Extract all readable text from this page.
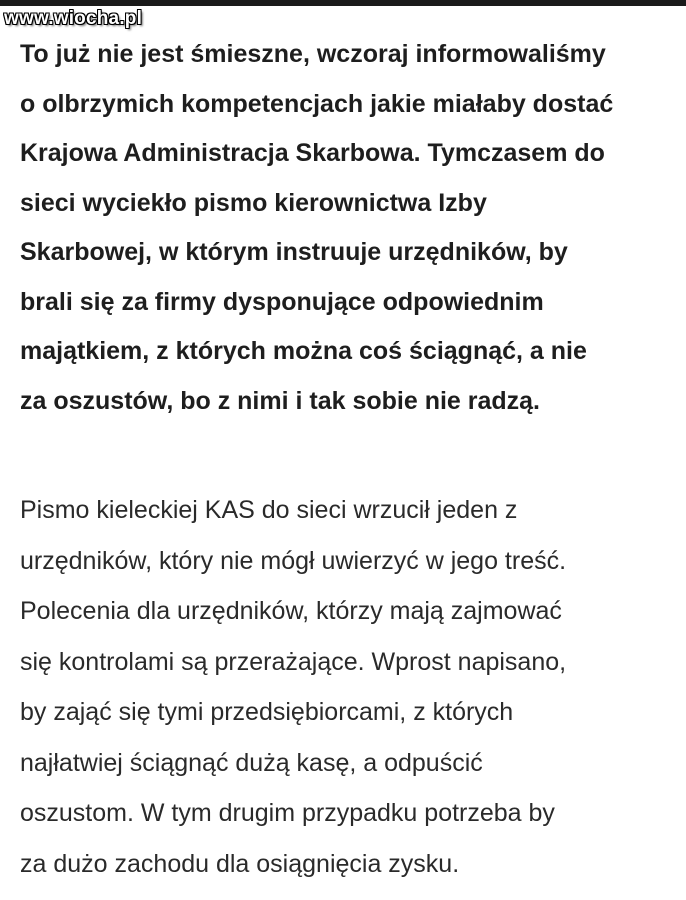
www.wiocha.pl

To już nie jest śmieszne, wczoraj informowaliśmy
o olbrzymich kompetencjach jakie miałaby dostać
Krajowa Administracja Skarbowa. Tymczasem do
sieci wyciekło pismo kierownictwa Izby
Skarbowej, w którym instruuje urzędników, by
brali się za firmy dysponujące odpowiednim
majątkiem, z których można coś ściągnąć, a nie
za oszustów, bo z nimi i tak sobie nie radzą.

Pismo kieleckiej KAS do sieci wrzucił jeden z
urzędników, który nie mógł uwierzyć w jego treść.
Polecenia dla urzędników, którzy mają zajmować
się kontrolami są przerażające. Wprost napisano,
by zająć się tymi przedsiębiorcami, z których
najłatwiej ściągnąć dużą kasę, a odpuścić
oszustom. W tym drugim przypadku potrzeba by
za dużo zachodu dla osiągnięcia zysku.
